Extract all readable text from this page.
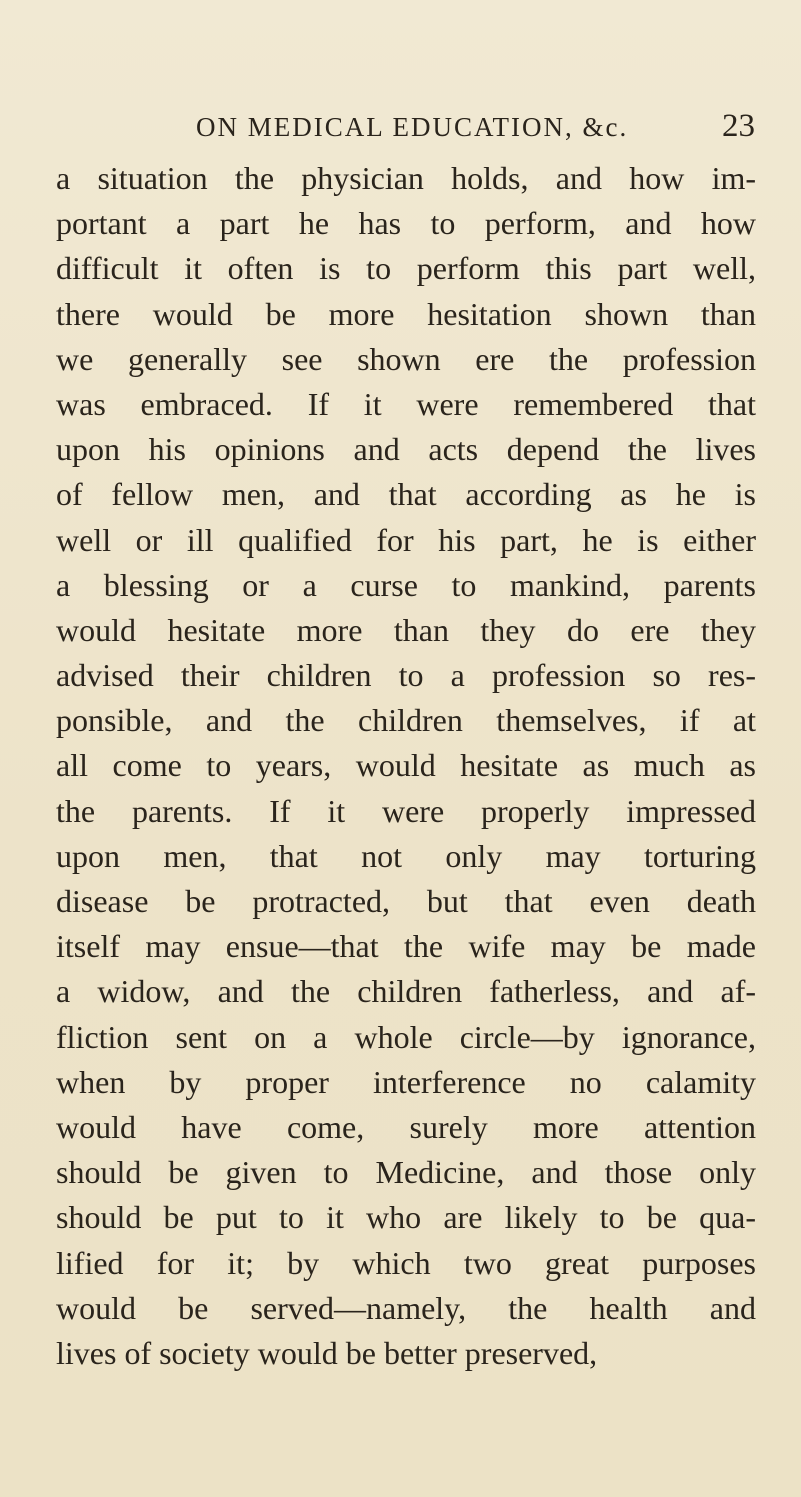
ON MEDICAL EDUCATION, &c.	23
a situation the physician holds, and how im-
portant a part he has to perform, and how
difficult it often is to perform this part well,
there would be more hesitation shown than
we generally see shown ere the profession
was embraced. If it were remembered that
upon his opinions and acts depend the lives
of fellow men, and that according as he is
well or ill qualified for his part, he is either
a blessing or a curse to mankind, parents
would hesitate more than they do ere they
advised their children to a profession so res-
ponsible, and the children themselves, if at
all come to years, would hesitate as much as
the parents. If it were properly impressed
upon men, that not only may torturing
disease be protracted, but that even death
itself may ensue—that the wife may be made
a widow, and the children fatherless, and af-
fliction sent on a whole circle—by ignorance,
when by proper interference no calamity
would have come, surely more attention
should be given to Medicine, and those only
should be put to it who are likely to be qua-
lified for it; by which two great purposes
would be served—namely, the health and
lives of society would be better preserved,
